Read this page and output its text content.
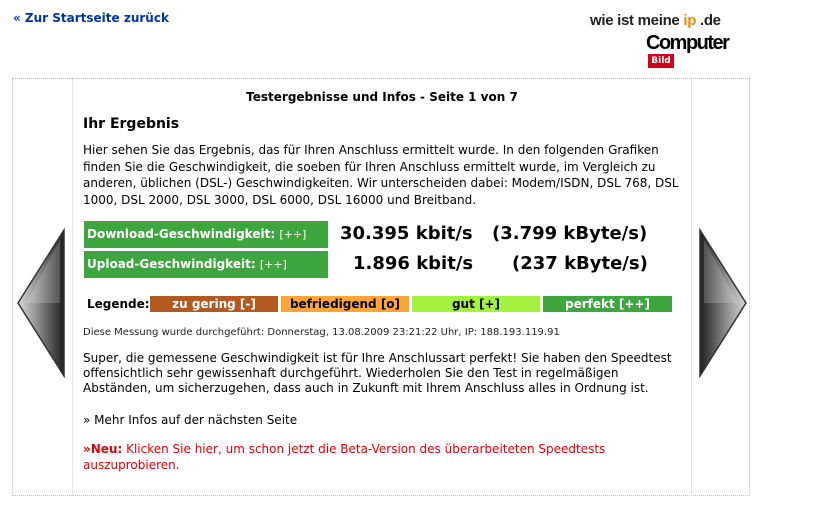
« Zur Startseite zurück	wie ist meine ip .de
Computer
Bild
Testergebnisse und Infos - Seite 1 von 7
Ihr Ergebnis
Hier sehen Sie das Ergebnis, das für Ihren Anschluss ermittelt wurde. In den folgenden Grafiken finden Sie die Geschwindigkeit, die soeben für Ihren Anschluss ermittelt wurde, im Vergleich zu anderen, üblichen (DSL-) Geschwindigkeiten. Wir unterscheiden dabei: Modem/ISDN, DSL 768, DSL 1000, DSL 2000, DSL 3000, DSL 6000, DSL 16000 und Breitband.
Download-Geschwindigkeit: [++]	30.395 kbit/s (3.799 kByte/s)
Upload-Geschwindigkeit: [++]	1.896 kbit/s (237 kByte/s)
Legende:	zu gering [-]	befriedigend [o]	gut [+]	perfekt [++]
Diese Messung wurde durchgeführt: Donnerstag, 13.08.2009 23:21:22 Uhr, IP: 188.193.119.91
Super, die gemessene Geschwindigkeit ist für Ihre Anschlussart perfekt! Sie haben den Speedtest offensichtlich sehr gewissenhaft durchgeführt. Wiederholen Sie den Test in regelmäßigen Abständen, um sicherzugehen, dass auch in Zukunft mit Ihrem Anschluss alles in Ordnung ist.
» Mehr Infos auf der nächsten Seite
»Neu: Klicken Sie hier, um schon jetzt die Beta-Version des überarbeiteten Speedtests auszuprobieren.
